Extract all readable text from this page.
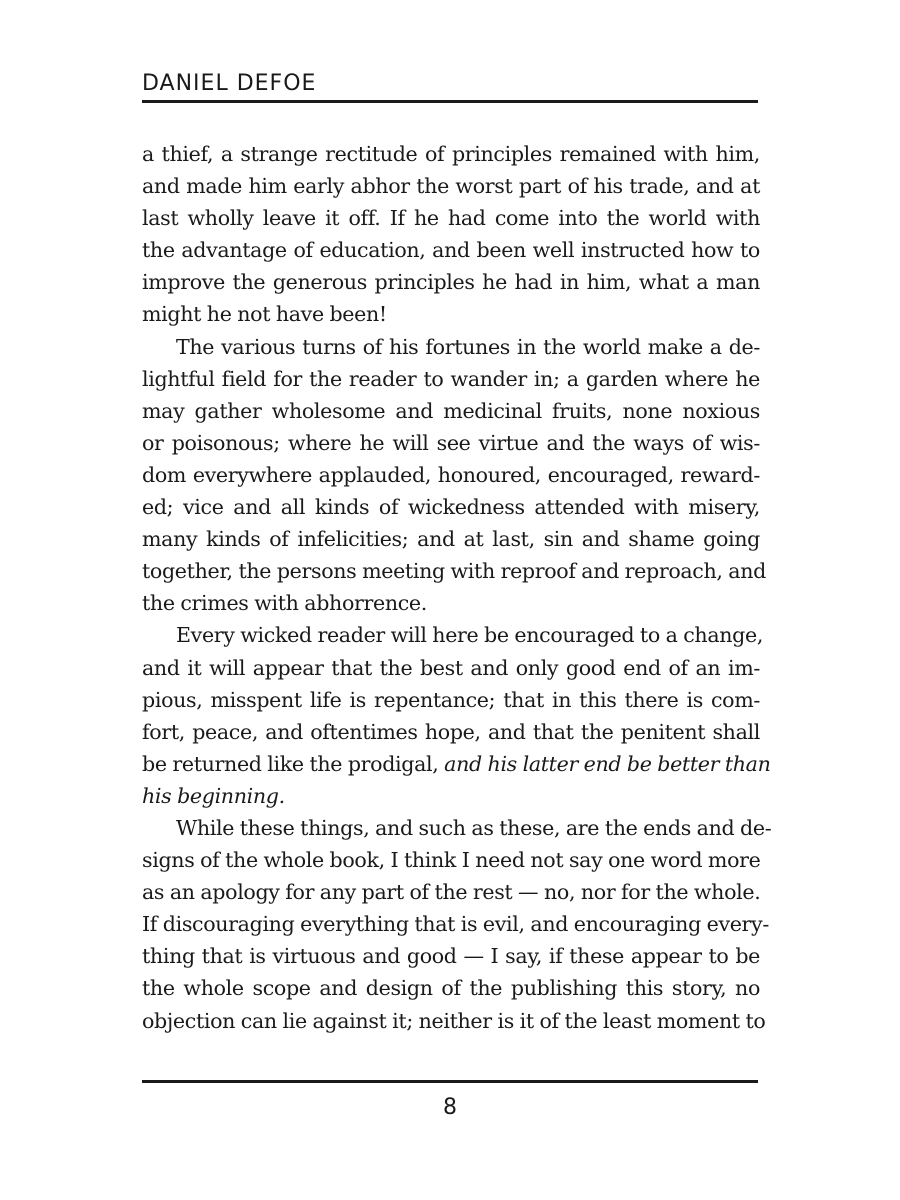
DANIEL DEFOE

a thief, a strange rectitude of principles remained with him,
and made him early abhor the worst part of his trade, and at
last wholly leave it off. If he had come into the world with
the advantage of education, and been well instructed how to
improve the generous principles he had in him, what a man
might he not have been!

The various turns of his fortunes in the world make a de-
lightful field for the reader to wander in; a garden where he
may gather wholesome and medicinal fruits, none noxious
or poisonous; where he will see virtue and the ways of wis-
dom everywhere applauded, honoured, encouraged, reward-
ed; vice and all kinds of wickedness attended with misery,
many kinds of infelicities; and at last, sin and shame going
together, the persons meeting with reproof and reproach, and
the crimes with abhorrence.

Every wicked reader will here be encouraged to a change,
and it will appear that the best and only good end of an im-
pious, misspent life is repentance; that in this there is com-
fort, peace, and oftentimes hope, and that the penitent shall
be returned like the prodigal, and his latter end be better than
his beginning.

While these things, and such as these, are the ends and de-
signs of the whole book, I think I need not say one word more
as an apology for any part of the rest — no, nor for the whole.
If discouraging everything that is evil, and encouraging every-
thing that is virtuous and good — I say, if these appear to be
the whole scope and design of the publishing this story, no
objection can lie against it; neither is it of the least moment to

8
